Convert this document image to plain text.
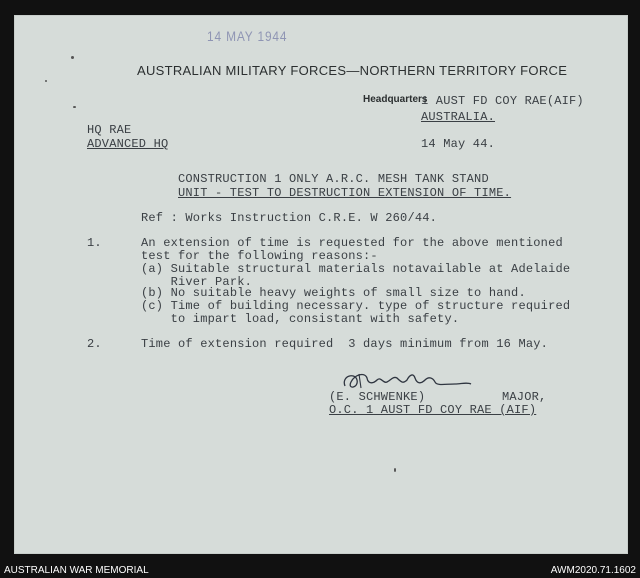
14 MAY 1944
AUSTRALIAN MILITARY FORCES—NORTHERN TERRITORY FORCE
Headquarters
1 AUST FD COY RAE(AIF)
AUSTRALIA.
HQ RAE
ADVANCED HQ	14 May 44.
CONSTRUCTION 1 ONLY A.R.C. MESH TANK STAND
UNIT - TEST TO DESTRUCTION EXTENSION OF TIME.
Ref : Works Instruction C.R.E. W 260/44.
1.	An extension of time is requested for the above mentioned
test for the following reasons:-
(a) Suitable structural materials notavailable at Adelaide
River Park.
(b) No suitable heavy weights of small size to hand.
(c) Time of building necessary. type of structure required
to impart load, consistant with safety.
2.	Time of extension required  3 days minimum from 16 May.
(E. SCHWENKE)	MAJOR,
O.C. 1 AUST FD COY RAE (AIF)
AUSTRALIAN WAR MEMORIAL	AWM2020.71.1602
